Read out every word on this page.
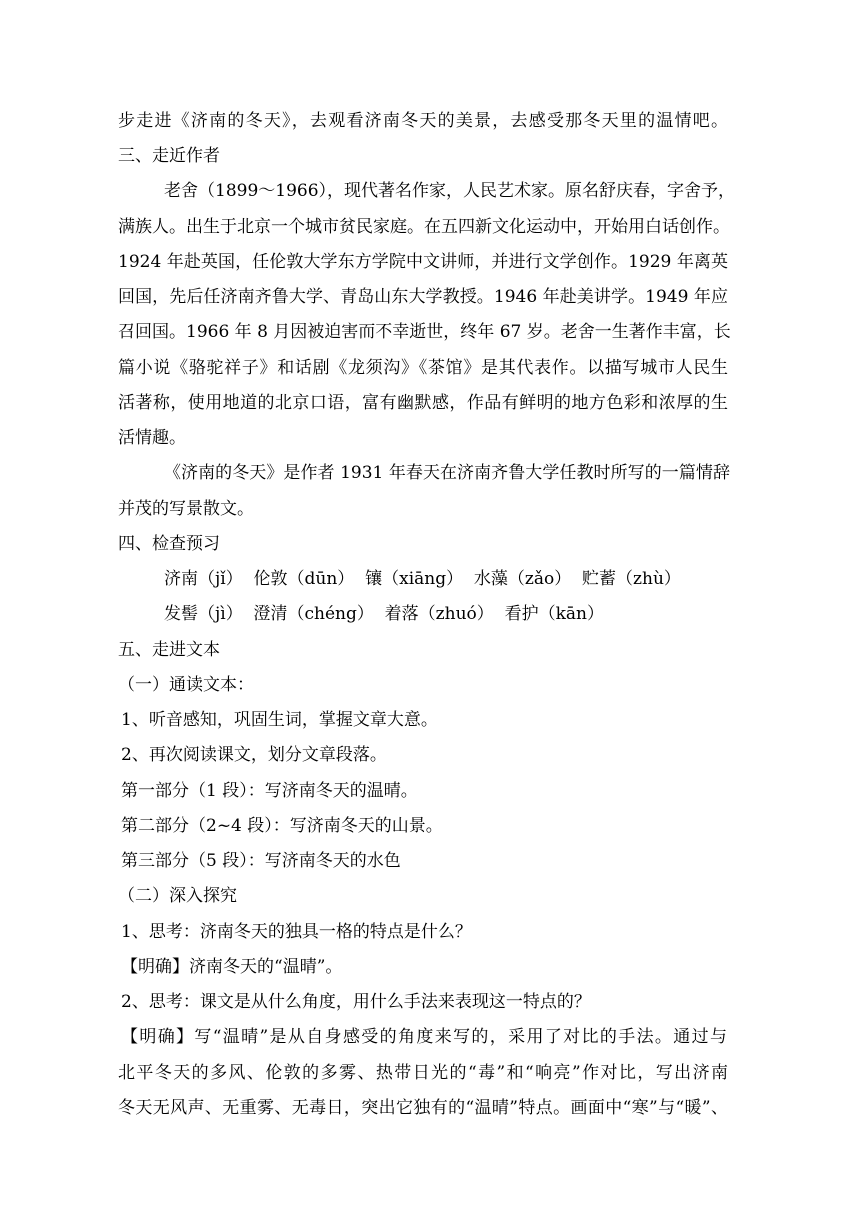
步走进《济南的冬天》，去观看济南冬天的美景，去感受那冬天里的温情吧。
三、走近作者
老舍（1899～1966），现代著名作家，人民艺术家。原名舒庆春，字舍予，
满族人。出生于北京一个城市贫民家庭。在五四新文化运动中，开始用白话创作。
1924 年赴英国，任伦敦大学东方学院中文讲师，并进行文学创作。1929 年离英
回国，先后任济南齐鲁大学、青岛山东大学教授。1946 年赴美讲学。1949 年应
召回国。1966 年 8 月因被迫害而不幸逝世，终年 67 岁。老舍一生著作丰富，长
篇小说《骆驼祥子》和话剧《龙须沟》《茶馆》是其代表作。以描写城市人民生
活著称，使用地道的北京口语，富有幽默感，作品有鲜明的地方色彩和浓厚的生
活情趣。
《济南的冬天》是作者 1931 年春天在济南齐鲁大学任教时所写的一篇情辞
并茂的写景散文。
四、检查预习
济南（jǐ）  伦敦（dūn）  镶（xiāng）  水藻（zǎo）  贮蓄（zhù）
发髻（jì）  澄清（chéng）  着落（zhuó）  看护（kān）
五、走进文本
（一）通读文本：
1、听音感知，巩固生词，掌握文章大意。
2、再次阅读课文，划分文章段落。
第一部分（1 段）：写济南冬天的温晴。
第二部分（2~4 段）：写济南冬天的山景。
第三部分（5 段）：写济南冬天的水色
（二）深入探究
1、思考：济南冬天的独具一格的特点是什么？
【明确】济南冬天的“温晴”。
2、思考：课文是从什么角度，用什么手法来表现这一特点的？
【明确】写“温晴”是从自身感受的角度来写的，采用了对比的手法。通过与
北平冬天的多风、伦敦的多雾、热带日光的“毒”和“响亮”作对比，写出济南
冬天无风声、无重雾、无毒日，突出它独有的“温晴”特点。画面中“寒”与“暖”、
